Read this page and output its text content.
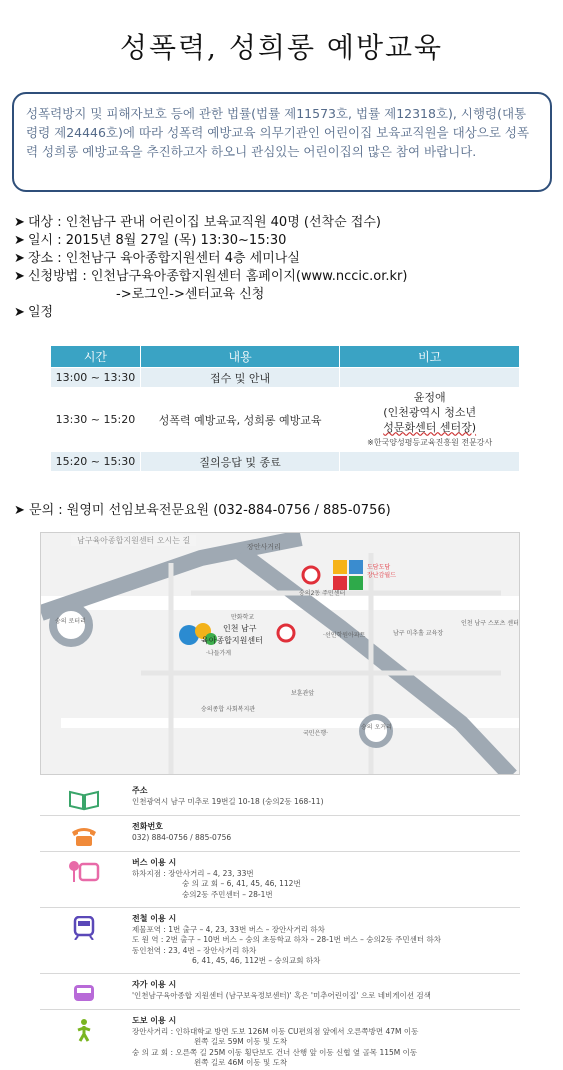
성폭력, 성희롱 예방교육
성폭력방지 및 피해자보호 등에 관한 법률(법률 제11573호, 법률 제12318호), 시행령(대통령령 제24446호)에 따라 성폭력 예방교육 의무기관인 어린이집 보육교직원을 대상으로 성폭력 성희롱 예방교육을 추진하고자 하오니 관심있는 어린이집의 많은 참여 바랍니다.
➤ 대상 : 인천남구 관내 어린이집 보육교직원 40명 (선착순 접수)
➤ 일시 : 2015년 8월 27일 (목) 13:30~15:30
➤ 장소 : 인천남구 육아종합지원센터 4층 세미나실
➤ 신청방법 : 인천남구육아종합지원센터 홈페이지(www.nccic.or.kr)
->로그인->센터교육 신청
➤ 일정
시간	내용	비고
13:00 ~ 13:30	접수 및 안내	
13:30 ~ 15:20	성폭력 예방교육, 성희롱 예방교육	윤정애
(인천광역시 청소년
성문화센터 센터장)
※한국양성평등교육진흥원 전문강사

15:20 ~ 15:30	질의응답 및 종료	
➤ 문의 : 원영미 선임보육전문요원 (032-884-0756 / 885-0756)
장안사거리
숭의 로터리
인천 남구
육아종합지원센터
·나들가게
도담도담
장난감월드
숭의2동 주민센터
만화학교
남구 미추홀 교육장
인천 남구 스포츠 센터
·선인학원아파트
숭의종합 사회복지관
보훈관앞
국민은행·
숭의 오거리
남구육아종합지원센터 오시는 길
주소
인천광역시 남구 미추로 19번길 10-18 (숭의2동 168-11)
전화번호
032) 884-0756 / 885-0756
버스 이용 시
하차지점 : 장안사거리 – 4, 23, 33번
숭 의 교 회 – 6, 41, 45, 46, 112번
숭의2동 주민센터 – 28-1번
전철 이용 시
제물포역 : 1번 출구 – 4, 23, 33번 버스 – 장안사거리 하차
도 원 역 : 2번 출구 – 10번 버스 – 숭의 초등학교 하차 – 28-1번 버스 – 숭의2동 주민센터 하차
동인천역 : 23, 4번 – 장안사거리 하차
6, 41, 45, 46, 112번 – 숭의교회 하차
자가 이용 시
'인천남구육아종합 지원센터 (남구보육정보센터)' 혹은 '미추어린이집' 으로 네비게이션 검색
도보 이용 시
장안사거리 : 인하대학교 방면 도보 126M 이동 CU편의점 앞에서 오른쪽방면 47M 이동
왼쪽 길로 59M 이동 및 도착
숭 의 교 회 : 오른쪽 길 25M 이동 횡단보도 건너 산행 앞 이동 신협 옆 골목 115M 이동
왼쪽 길로 46M 이동 및 도착
